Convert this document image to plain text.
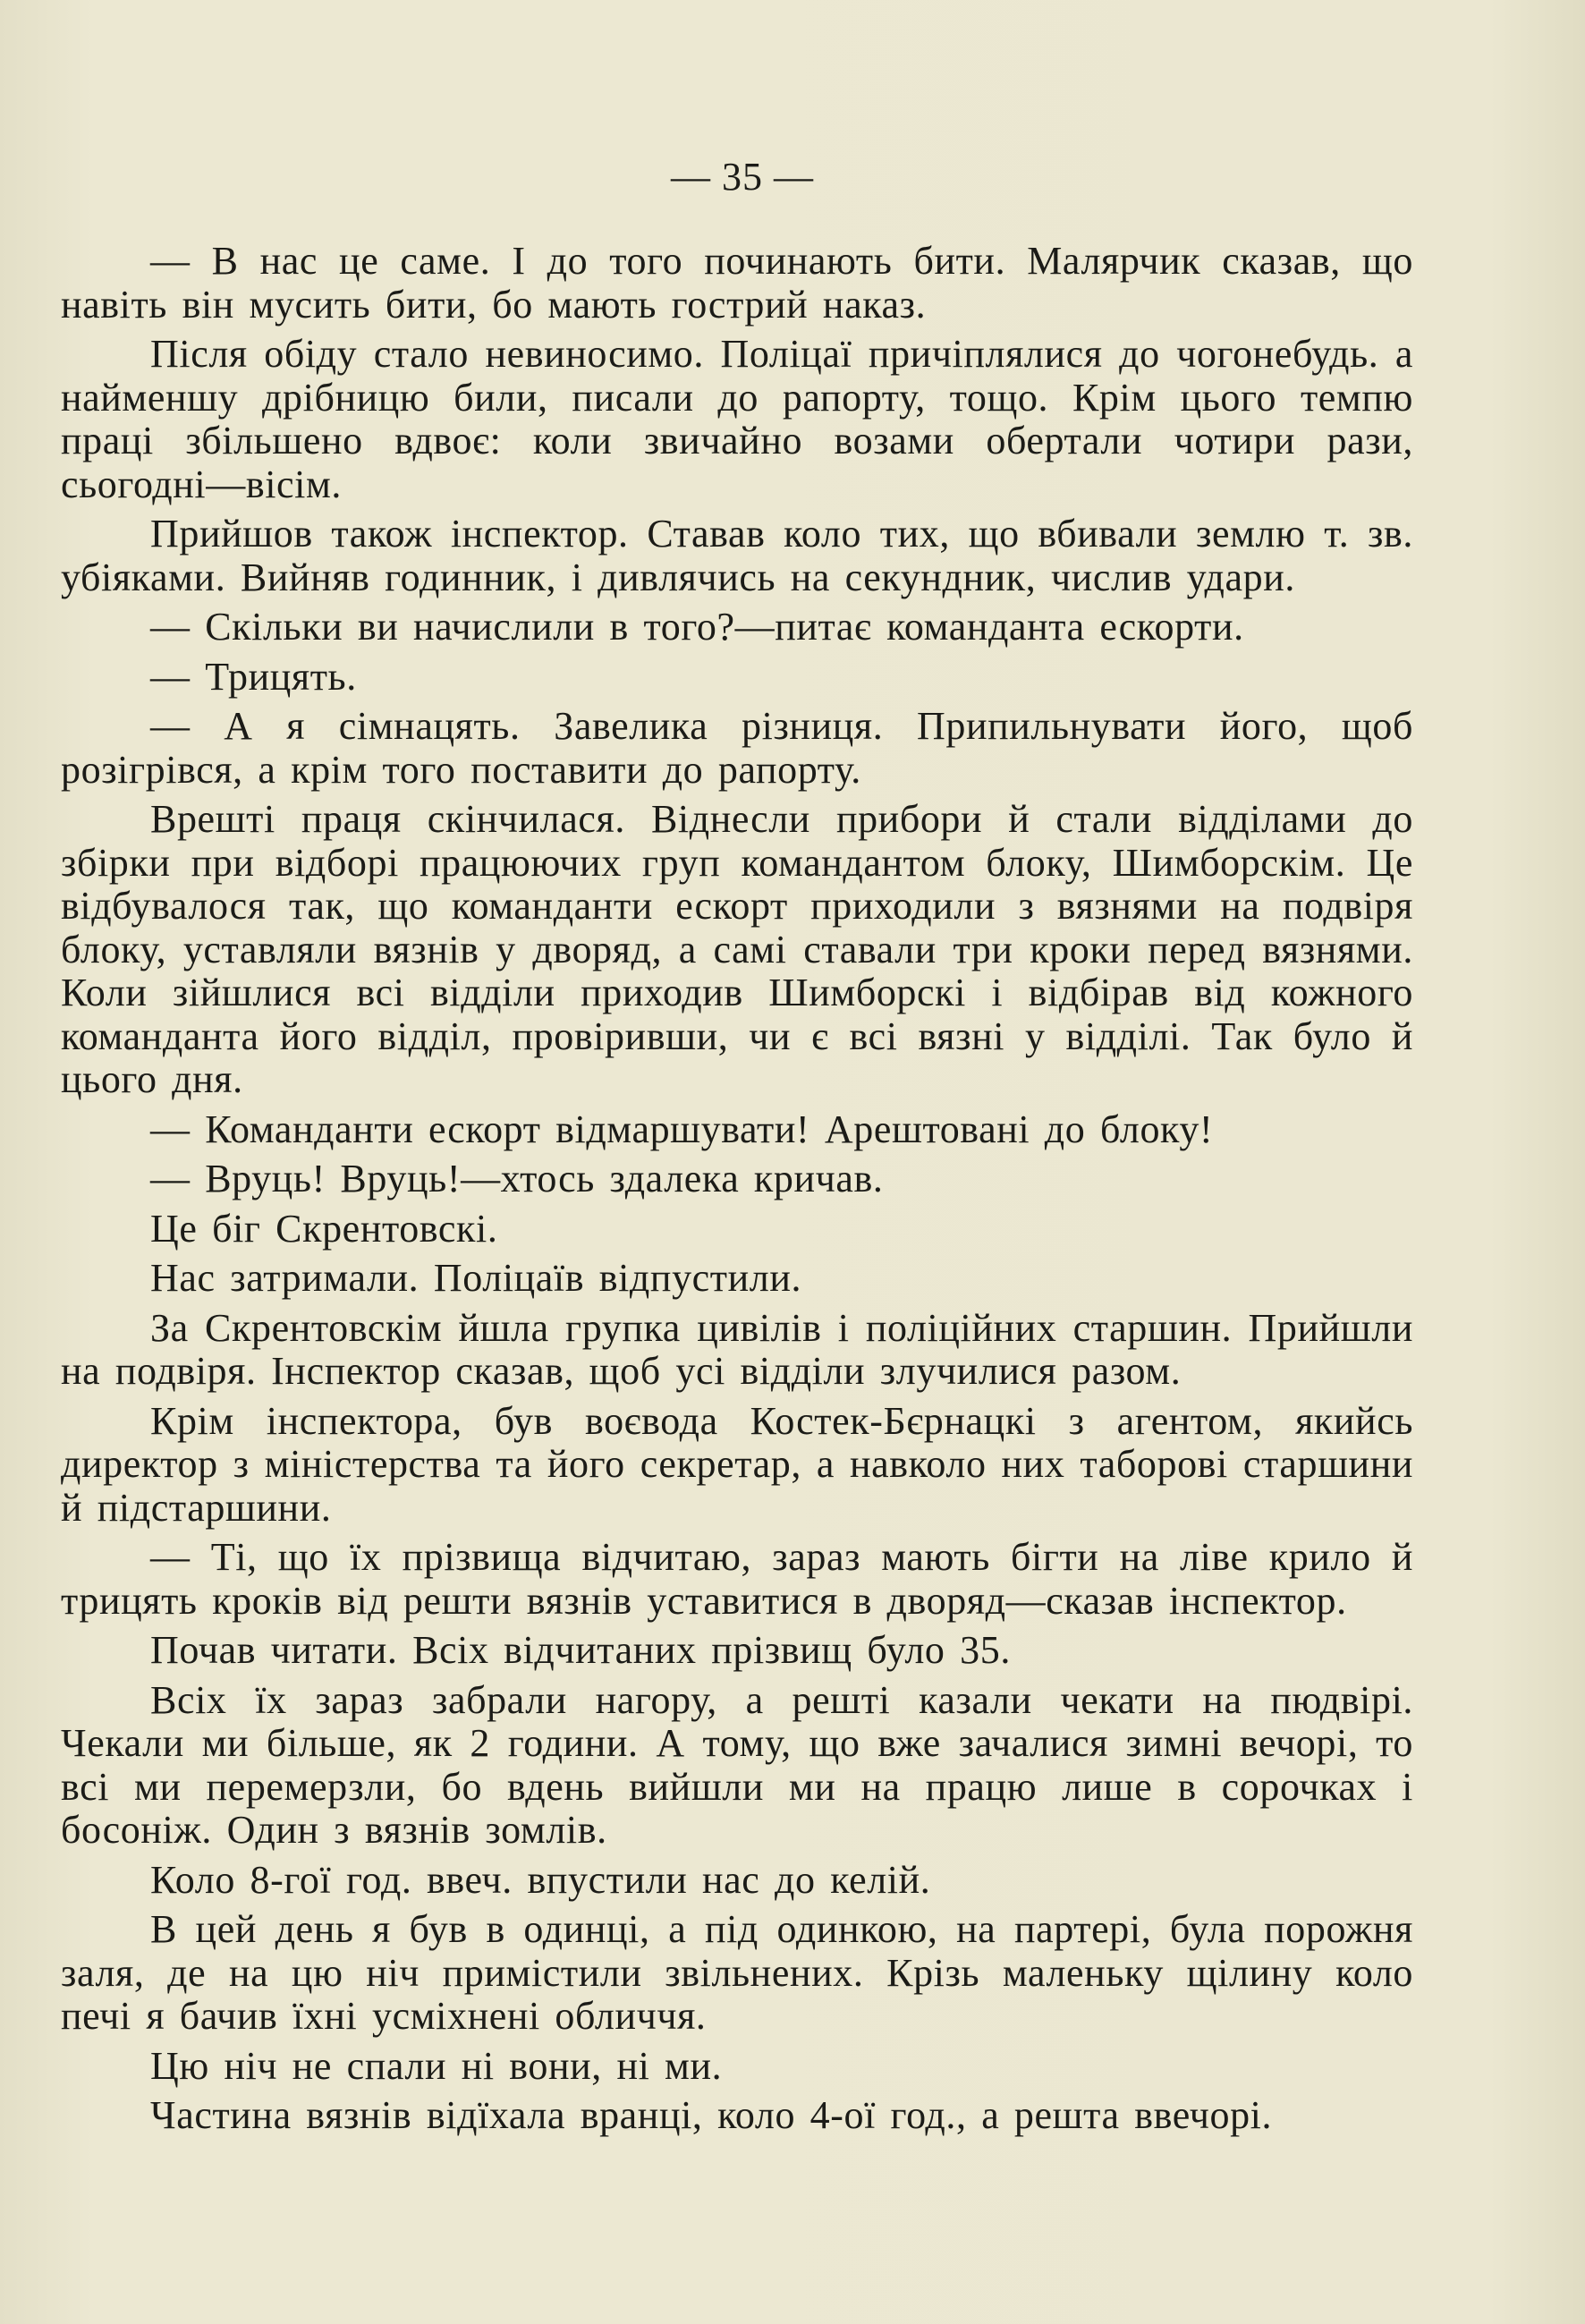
— 35 —

— В нас це саме. І до того починають бити. Малярчик сказав, що навіть він мусить бити, бо мають гострий наказ.

Після обіду стало невиносимо. Поліцаї причіплялися до чогонебудь. а найменшу дрібницю били, писали до рапорту, тощо. Крім цього темпю праці збільшено вдвоє: коли звичайно возами обертали чотири рази, сьогодні—вісім.

Прийшов також інспектор. Ставав коло тих, що вбивали землю т. зв. убіяками. Вийняв годинник, і дивлячись на секундник, числив удари.

— Скільки ви начислили в того?—питає команданта ескорти.

— Трицять.

— А я сімнацять. Завелика різниця. Припильнувати його, щоб розігрівся, а крім того поставити до рапорту.

Врешті праця скінчилася. Віднесли прибори й стали відділами до збірки при відборі працюючих груп командантом блоку, Шимборскім. Це відбувалося так, що команданти ескорт приходили з вязнями на подвіря блоку, уставляли вязнів у дворяд, а самі ставали три кроки перед вязнями. Коли зійшлися всі відділи приходив Шимборскі і відбірав від кожного команданта його відділ, провіривши, чи є всі вязні у відділі. Так було й цього дня.

— Команданти ескорт відмаршувати! Арештовані до блоку!

— Вруць! Вруць!—хтось здалека кричав.

Це біг Скрентовскі.

Нас затримали. Поліцаїв відпустили.

За Скрентовскім йшла групка цивілів і поліційних старшин. Прийшли на подвіря. Інспектор сказав, щоб усі відділи злучилися разом.

Крім інспектора, був воєвода Костек-Бєрнацкі з агентом, якийсь директор з міністерства та його секретар, а навколо них таборові старшини й підстаршини.

— Ті, що їх прізвища відчитаю, зараз мають бігти на ліве крило й трицять кроків від решти вязнів уставитися в дворяд—сказав інспектор.

Почав читати. Всіх відчитаних прізвищ було 35.

Всіх їх зараз забрали нагору, а решті казали чекати на пюдвірі. Чекали ми більше, як 2 години. А тому, що вже зачалися зимні вечорі, то всі ми перемерзли, бо вдень вийшли ми на працю лише в сорочках і босоніж. Один з вязнів зомлів.

Коло 8-гої год. ввеч. впустили нас до келій.

В цей день я був в одинці, а під одинкою, на партері, була порожня заля, де на цю ніч примістили звільнених. Крізь маленьку щілину коло печі я бачив їхні усміхнені обличчя.

Цю ніч не спали ні вони, ні ми.

Частина вязнів відїхала вранці, коло 4-ої год., а решта ввечорі.
